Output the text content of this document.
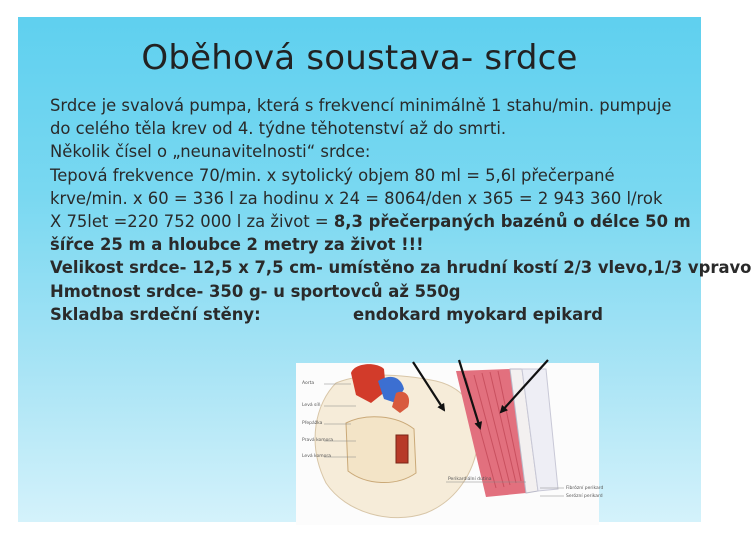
Oběhová soustava- srdce
Srdce je svalová pumpa, která s frekvencí minimálně 1 stahu/min. pumpuje
do celého těla krev od 4. týdne těhotenství až do smrti.
Několik čísel o „neunavitelnosti“ srdce:
Tepová frekvence 70/min. x sytolický objem 80 ml = 5,6l přečerpané
krve/min. x 60 = 336 l za hodinu x 24 = 8064/den x 365 = 2 943 360 l/rok
X 75let =220 752 000 l za život = 8,3 přečerpaných bazénů o délce 50 m
šířce 25 m a hloubce 2 metry za život !!!
Velikost srdce- 12,5 x 7,5 cm- umístěno za hrudní kostí 2/3 vlevo,1/3 vpravo
Hmotnost srdce- 350 g- u sportovců až 550g
Skladba srdeční stěny:	endokard myokard epikard
Aorta
Levá síň
Přepážka
Pravá komora
Levá komora
Perikardiální dutina
Fibrózní perikard
Serózní perikard
